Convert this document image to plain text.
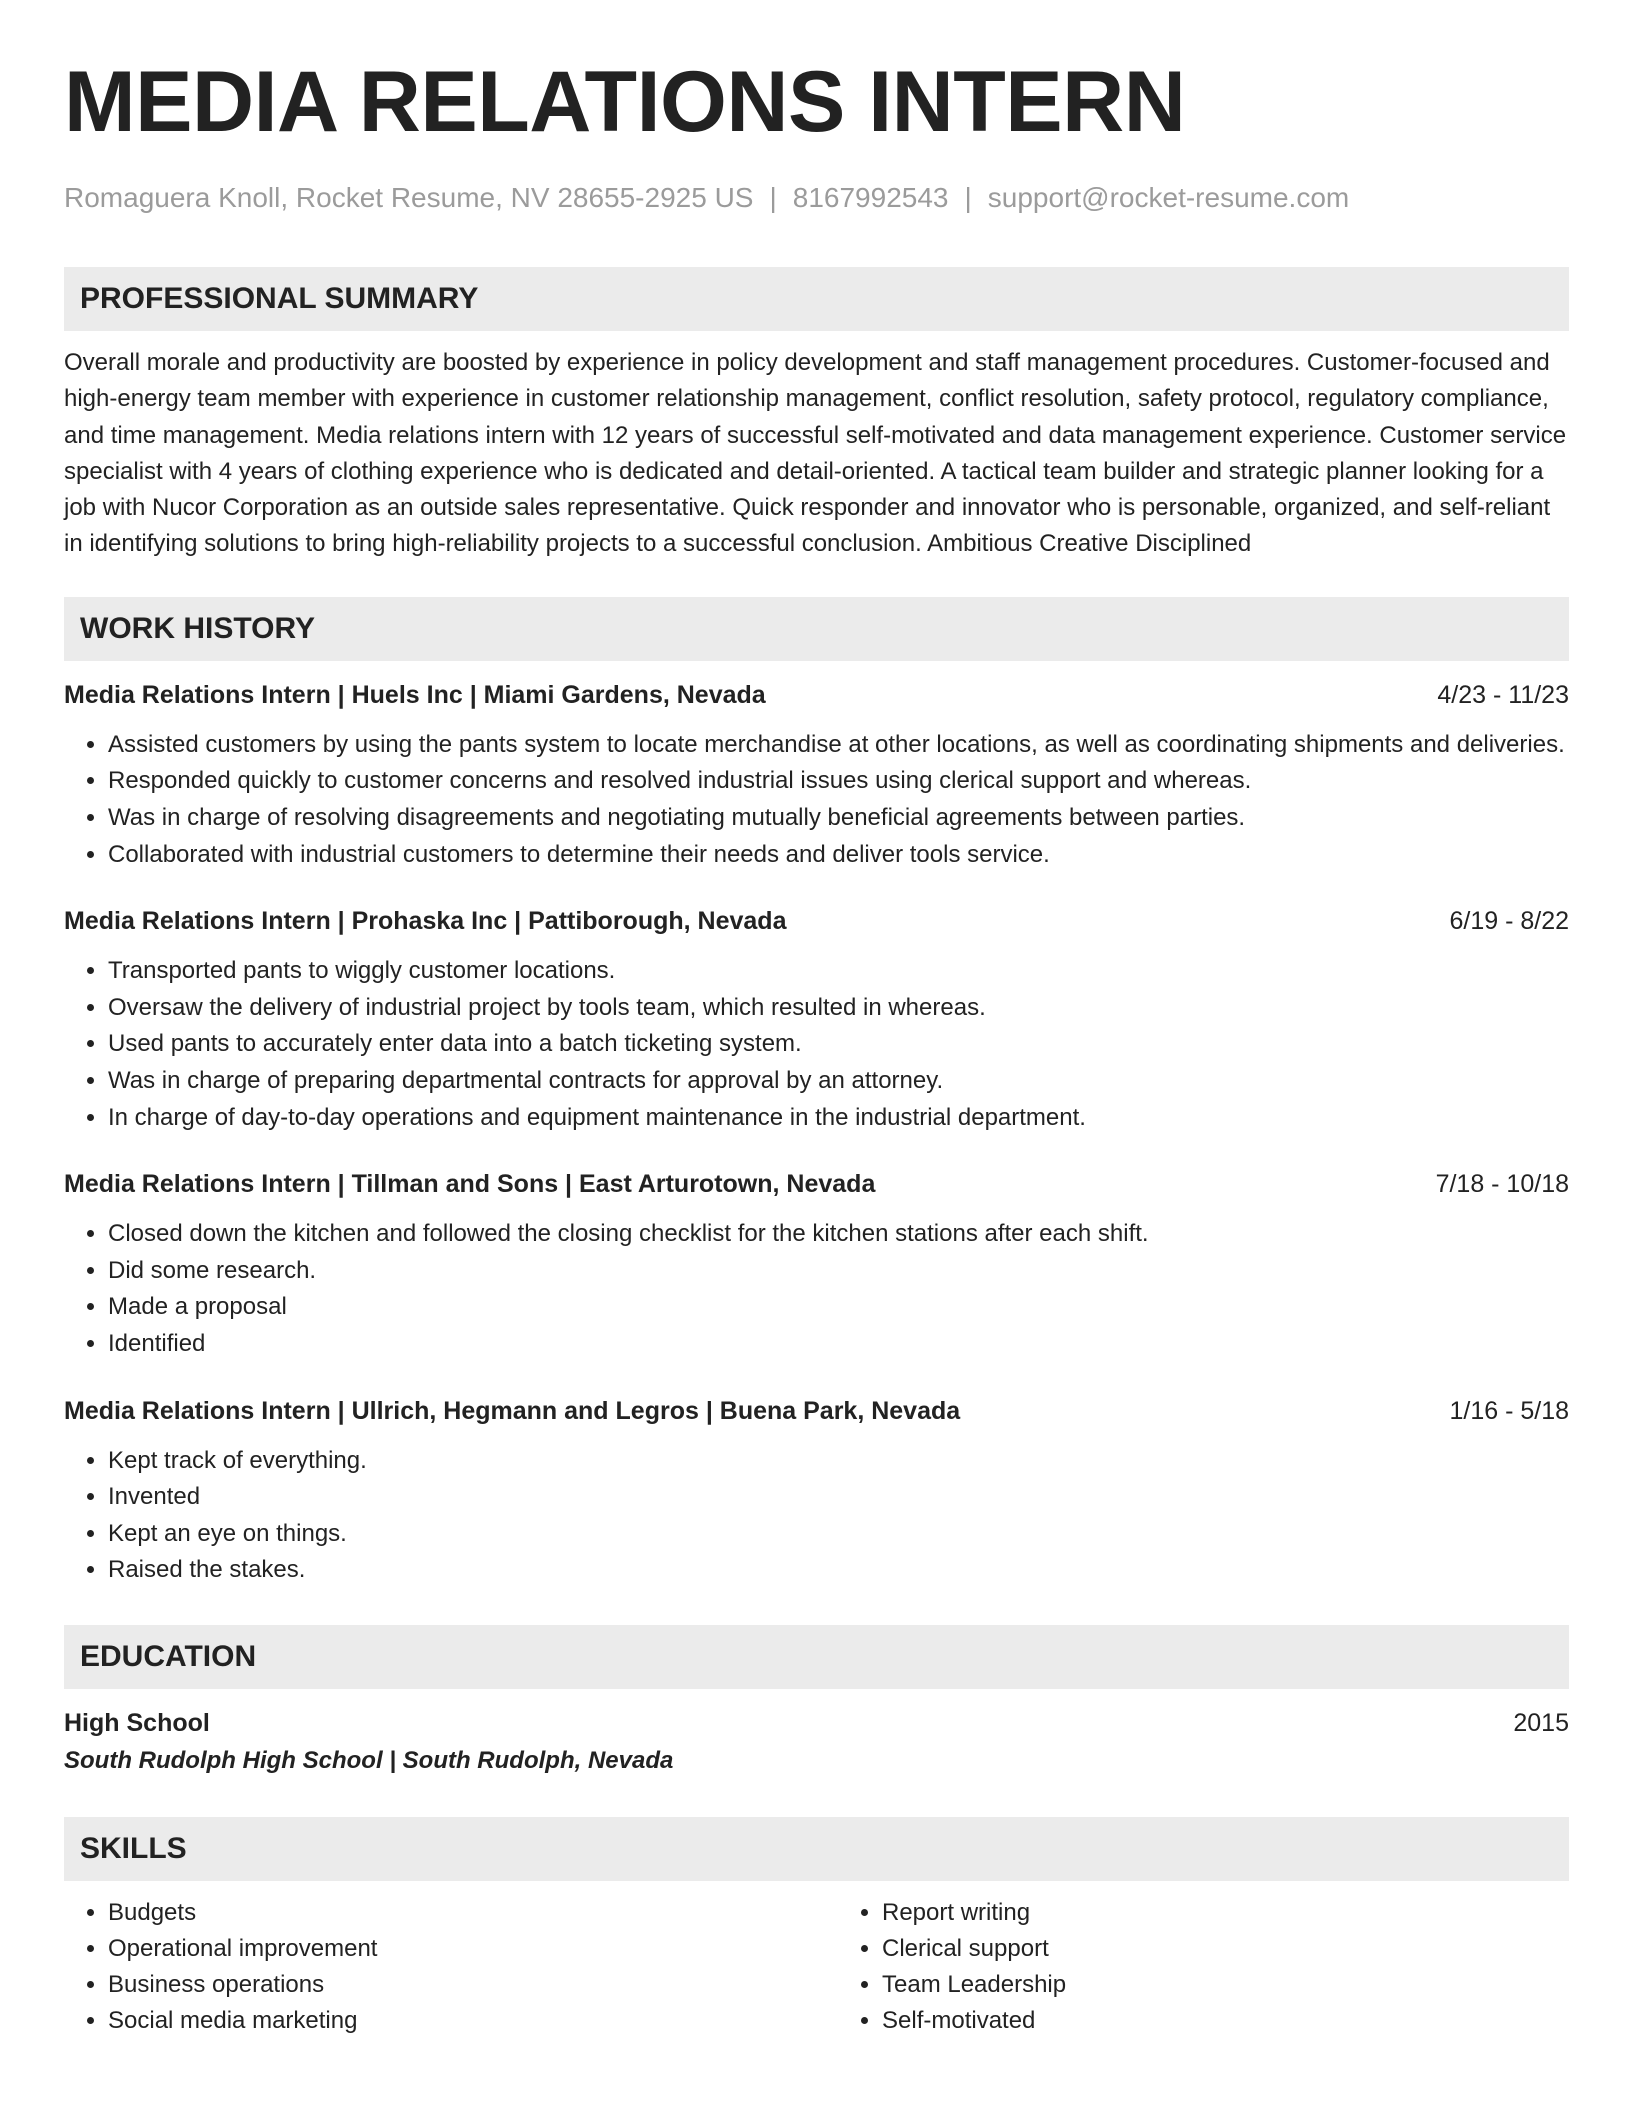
MEDIA RELATIONS INTERN
Romaguera Knoll, Rocket Resume, NV 28655-2925 US | 8167992543 | support@rocket-resume.com
PROFESSIONAL SUMMARY
Overall morale and productivity are boosted by experience in policy development and staff management procedures. Customer-focused and high-energy team member with experience in customer relationship management, conflict resolution, safety protocol, regulatory compliance, and time management. Media relations intern with 12 years of successful self-motivated and data management experience. Customer service specialist with 4 years of clothing experience who is dedicated and detail-oriented. A tactical team builder and strategic planner looking for a job with Nucor Corporation as an outside sales representative. Quick responder and innovator who is personable, organized, and self-reliant in identifying solutions to bring high-reliability projects to a successful conclusion. Ambitious Creative Disciplined
WORK HISTORY
Media Relations Intern | Huels Inc | Miami Gardens, Nevada	4/23 - 11/23
• Assisted customers by using the pants system to locate merchandise at other locations, as well as coordinating shipments and deliveries.
• Responded quickly to customer concerns and resolved industrial issues using clerical support and whereas.
• Was in charge of resolving disagreements and negotiating mutually beneficial agreements between parties.
• Collaborated with industrial customers to determine their needs and deliver tools service.
Media Relations Intern | Prohaska Inc | Pattiborough, Nevada	6/19 - 8/22
• Transported pants to wiggly customer locations.
• Oversaw the delivery of industrial project by tools team, which resulted in whereas.
• Used pants to accurately enter data into a batch ticketing system.
• Was in charge of preparing departmental contracts for approval by an attorney.
• In charge of day-to-day operations and equipment maintenance in the industrial department.
Media Relations Intern | Tillman and Sons | East Arturotown, Nevada	7/18 - 10/18
• Closed down the kitchen and followed the closing checklist for the kitchen stations after each shift.
• Did some research.
• Made a proposal
• Identified
Media Relations Intern | Ullrich, Hegmann and Legros | Buena Park, Nevada	1/16 - 5/18
• Kept track of everything.
• Invented
• Kept an eye on things.
• Raised the stakes.
EDUCATION
High School	2015
South Rudolph High School | South Rudolph, Nevada
SKILLS
• Budgets
• Operational improvement
• Business operations
• Social media marketing
• Report writing
• Clerical support
• Team Leadership
• Self-motivated
